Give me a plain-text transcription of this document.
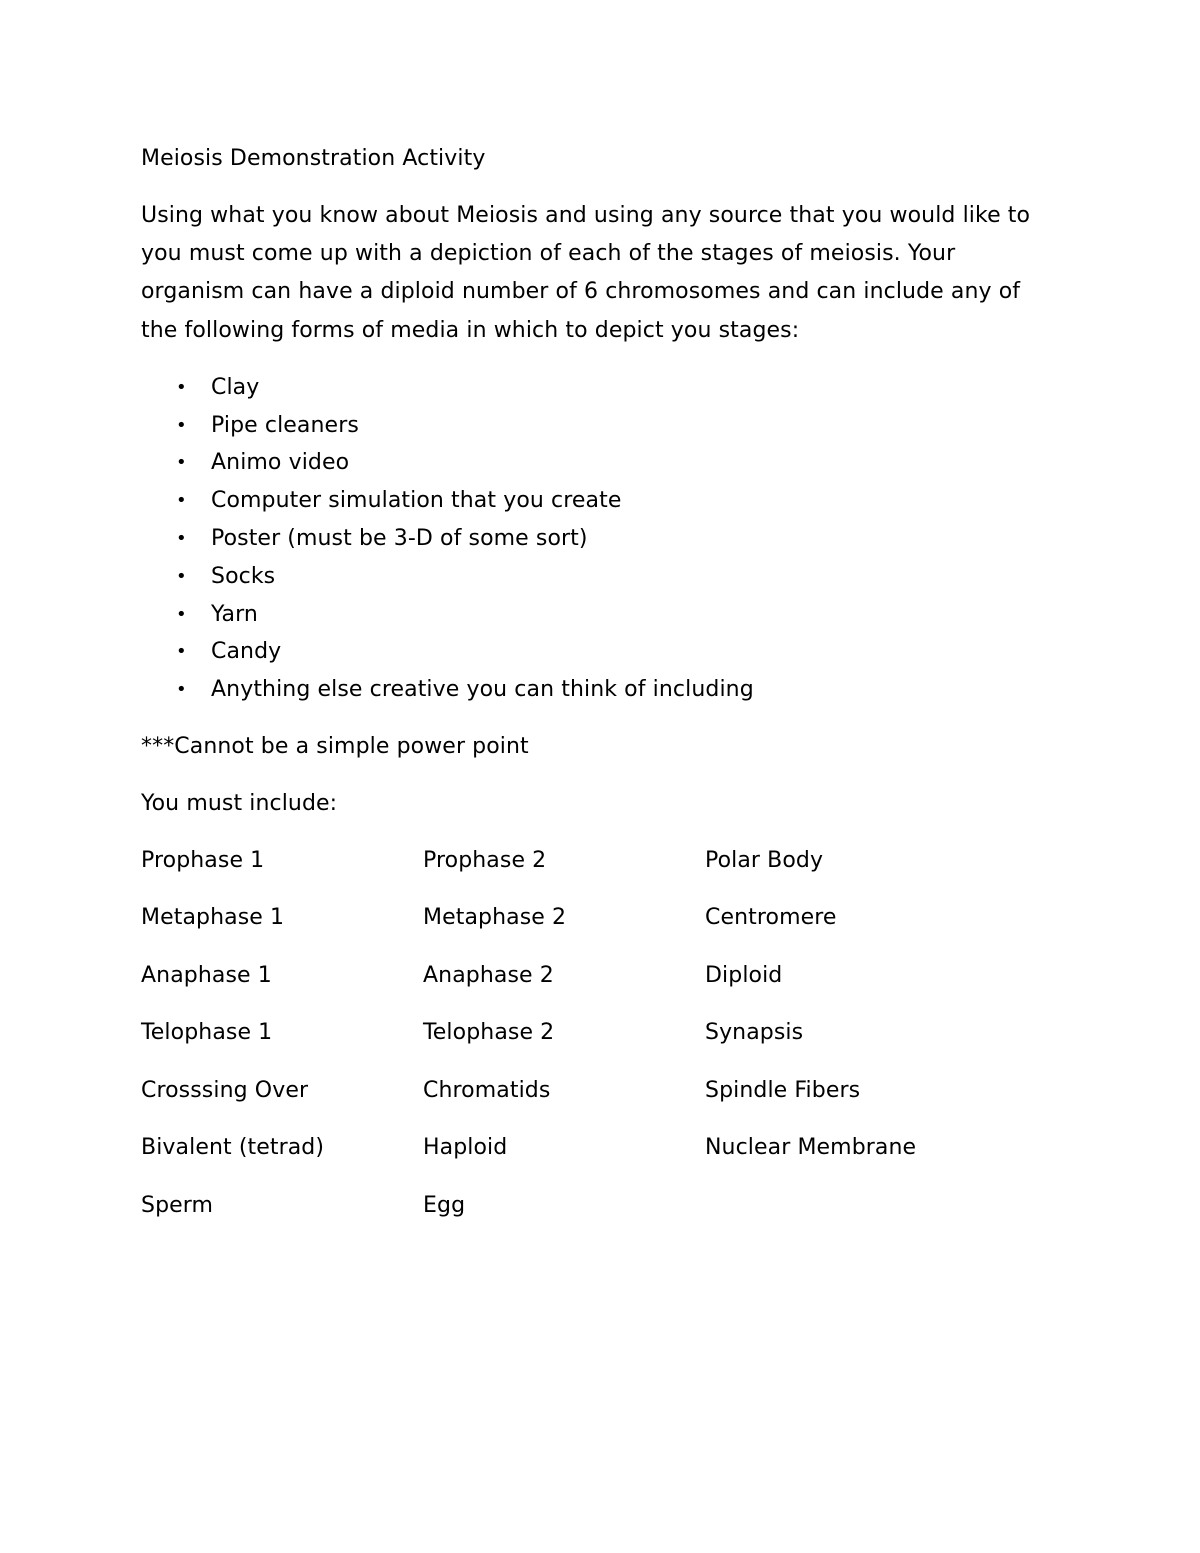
Meiosis Demonstration Activity

Using what you know about Meiosis and using any source that you would like to you must come up with a depiction of each of the stages of meiosis. Your organism can have a diploid number of 6 chromosomes and can include any of the following forms of media in which to depict you stages:

• Clay
• Pipe cleaners
• Animo video
• Computer simulation that you create
• Poster (must be 3-D of some sort)
• Socks
• Yarn
• Candy
• Anything else creative you can think of including

***Cannot be a simple power point

You must include:

Prophase 1	Prophase 2	Polar Body
Metaphase 1	Metaphase 2	Centromere
Anaphase 1	Anaphase 2	Diploid
Telophase 1	Telophase 2	Synapsis
Crosssing Over	Chromatids	Spindle Fibers
Bivalent (tetrad)	Haploid	Nuclear Membrane
Sperm	Egg
